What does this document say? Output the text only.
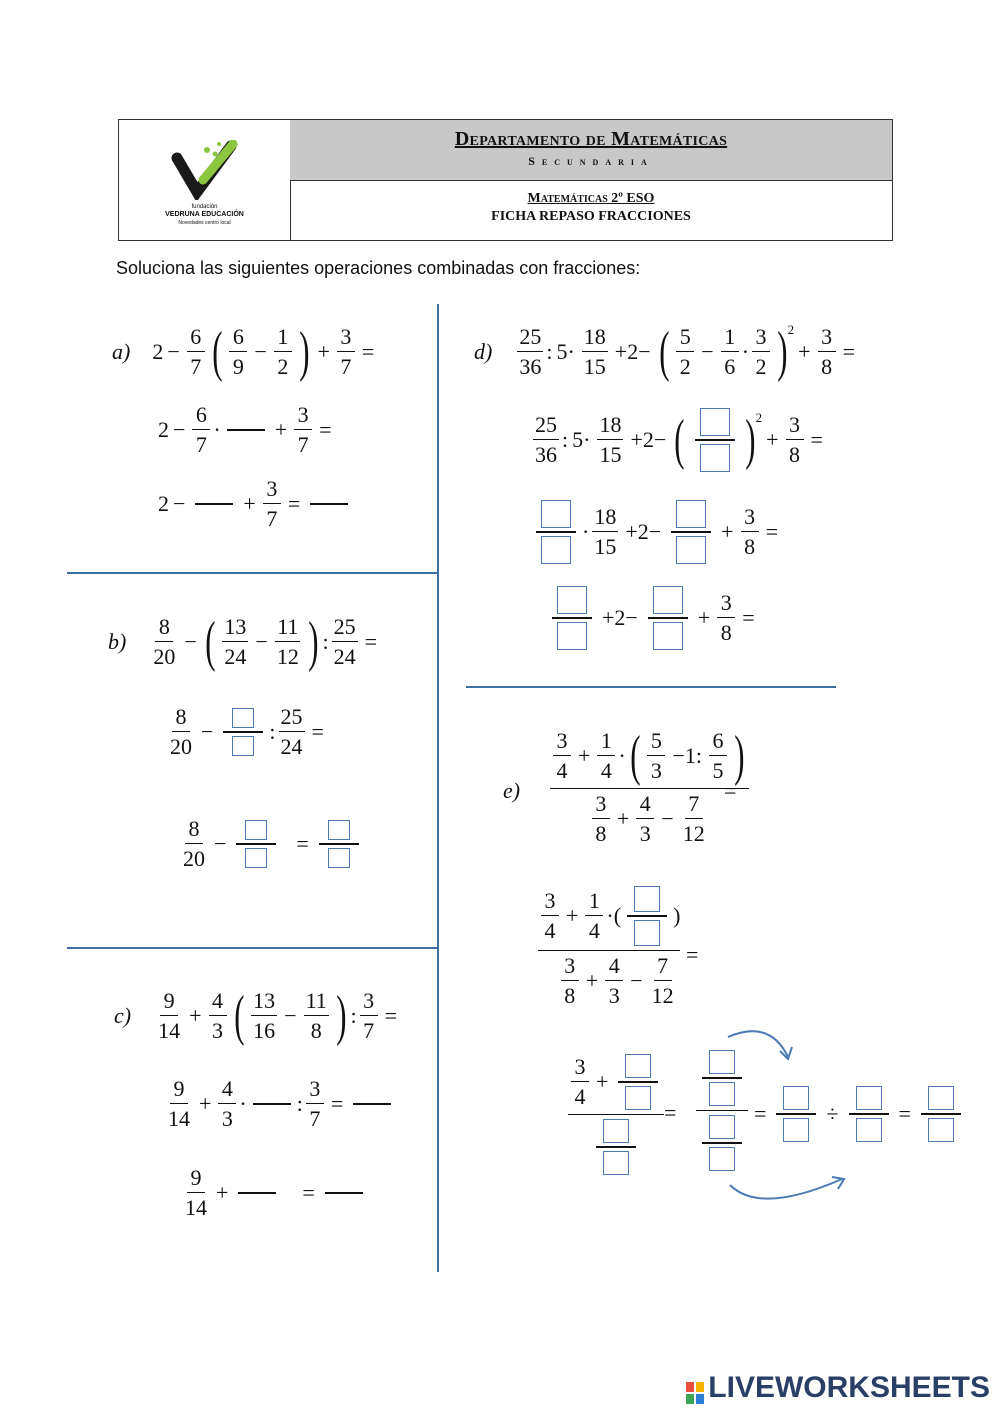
fundación
VEDRUNA EDUCACIÓN
Novedades centro local
Departamento de Matemáticas
Secundaria
Matemáticas 2º ESO
FICHA REPASO FRACCIONES
Soluciona las siguientes operaciones combinadas con fracciones:
a) $2 - \frac{6}{7}$ ( 6
9
− $\frac{1}{2}$ ) + $\frac{3}{7}$ =
$2 - \frac{6}{7}$ · + $\frac{3}{7}$ =
2 −	+ $\frac{3}{7}$ =
b)
8
20
− ( 13
24
− $\frac{11}{12}$ ) : $\frac{25}{24}$ =
8
20
−	: $\frac{25}{24}$ =
8
20
−	=
c)
9
14
+ $\frac{4}{3}$ ( 13
16
− $\frac{11}{8}$ ) : $\frac{3}{7}$ =
9
14
+ $\frac{4}{3}$ · : $\frac{3}{7}$ =
9
14
+	=
d)
25
36
: 5·
18
15
+2− ( 5
2
− $\frac{1}{6}$ ·
3
2 ) 2
+ $\frac{3}{8}$ =
25
36
: 5·
18
15
+2− ( ) 2
+ $\frac{3}{8}$ =
·
18
15
+2−	+ $\frac{3}{8}$ =
+2−	+ $\frac{3}{8}$ =
e)
3
4
+ $\frac{1}{4}$ · ( 5
3
−1:
6
5 )
3
8
+ $\frac{4}{3} - \frac{7}{12}$
=
3
4
+ $\frac{1}{4}$ ·( )
3
8
+ $\frac{4}{3} - \frac{7}{12}$
=
3
4
+
=	=	÷	=
LIVEWORKSHEETS
